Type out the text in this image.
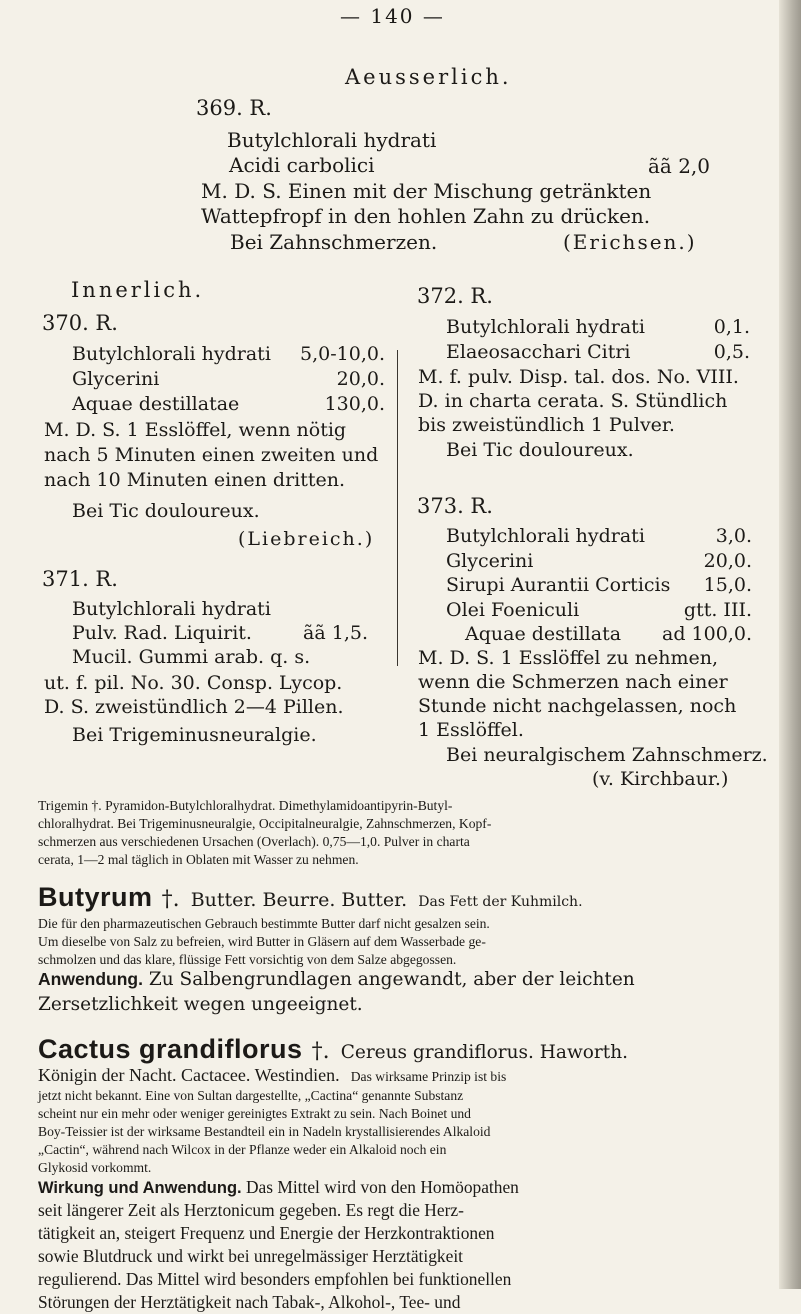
— 140 —
Aeusserlich.
369. R.
Butylchlorali hydrati
Acidi carbolici	ãã 2,0
M. D. S. Einen mit der Mischung getränkten
Wattepfropf in den hohlen Zahn zu drücken.
Bei Zahnschmerzen.	(Erichsen.)
Innerlich.
370. R.
Butylchlorali hydrati	5,0-10,0.
Glycerini	20,0.
Aquae destillatae	130,0.
M. D. S. 1 Esslöffel, wenn nötig
nach 5 Minuten einen zweiten und
nach 10 Minuten einen dritten.
Bei Tic douloureux.
(Liebreich.)
371. R.
Butylchlorali hydrati
Pulv. Rad. Liquirit.	ãã 1,5.
Mucil. Gummi arab. q. s.
ut. f. pil. No. 30. Consp. Lycop.
D. S. zweistündlich 2—4 Pillen.
Bei Trigeminusneuralgie.
372. R.
Butylchlorali hydrati	0,1.
Elaeosacchari Citri	0,5.
M. f. pulv. Disp. tal. dos. No. VIII.
D. in charta cerata. S. Stündlich
bis zweistündlich 1 Pulver.
Bei Tic douloureux.
373. R.
Butylchlorali hydrati	3,0.
Glycerini	20,0.
Sirupi Aurantii Corticis	15,0.
Olei Foeniculi	gtt. III.
Aquae destillata	ad 100,0.
M. D. S. 1 Esslöffel zu nehmen,
wenn die Schmerzen nach einer
Stunde nicht nachgelassen, noch
1 Esslöffel.
Bei neuralgischem Zahnschmerz.
(v. Kirchbaur.)
Trigemin †. Pyramidon-Butylchloralhydrat. Dimethylamidoantipyrin-Butyl-
chloralhydrat. Bei Trigeminusneuralgie, Occipitalneuralgie, Zahnschmerzen, Kopf-
schmerzen aus verschiedenen Ursachen (Overlach). 0,75—1,0. Pulver in charta
cerata, 1—2 mal täglich in Oblaten mit Wasser zu nehmen.
Butyrum †. Butter. Beurre. Butter. Das Fett der Kuhmilch.
Die für den pharmazeutischen Gebrauch bestimmte Butter darf nicht gesalzen sein.
Um dieselbe von Salz zu befreien, wird Butter in Gläsern auf dem Wasserbade ge-
schmolzen und das klare, flüssige Fett vorsichtig von dem Salze abgegossen.
Anwendung. Zu Salbengrundlagen angewandt, aber der leichten
Zersetzlichkeit wegen ungeeignet.
Cactus grandiflorus †. Cereus grandiflorus. Haworth.
Königin der Nacht. Cactacee. Westindien. Das wirksame Prinzip ist bis
jetzt nicht bekannt. Eine von Sultan dargestellte, „Cactina“ genannte Substanz
scheint nur ein mehr oder weniger gereinigtes Extrakt zu sein. Nach Boinet und
Boy-Teissier ist der wirksame Bestandteil ein in Nadeln krystallisierendes Alkaloid
„Cactin“, während nach Wilcox in der Pflanze weder ein Alkaloid noch ein
Glykosid vorkommt.
Wirkung und Anwendung. Das Mittel wird von den Homöopathen
seit längerer Zeit als Herztonicum gegeben. Es regt die Herz-
tätigkeit an, steigert Frequenz und Energie der Herzkontraktionen
sowie Blutdruck und wirkt bei unregelmässiger Herztätigkeit
regulierend. Das Mittel wird besonders empfohlen bei funktionellen
Störungen der Herztätigkeit nach Tabak-, Alkohol-, Tee- und
